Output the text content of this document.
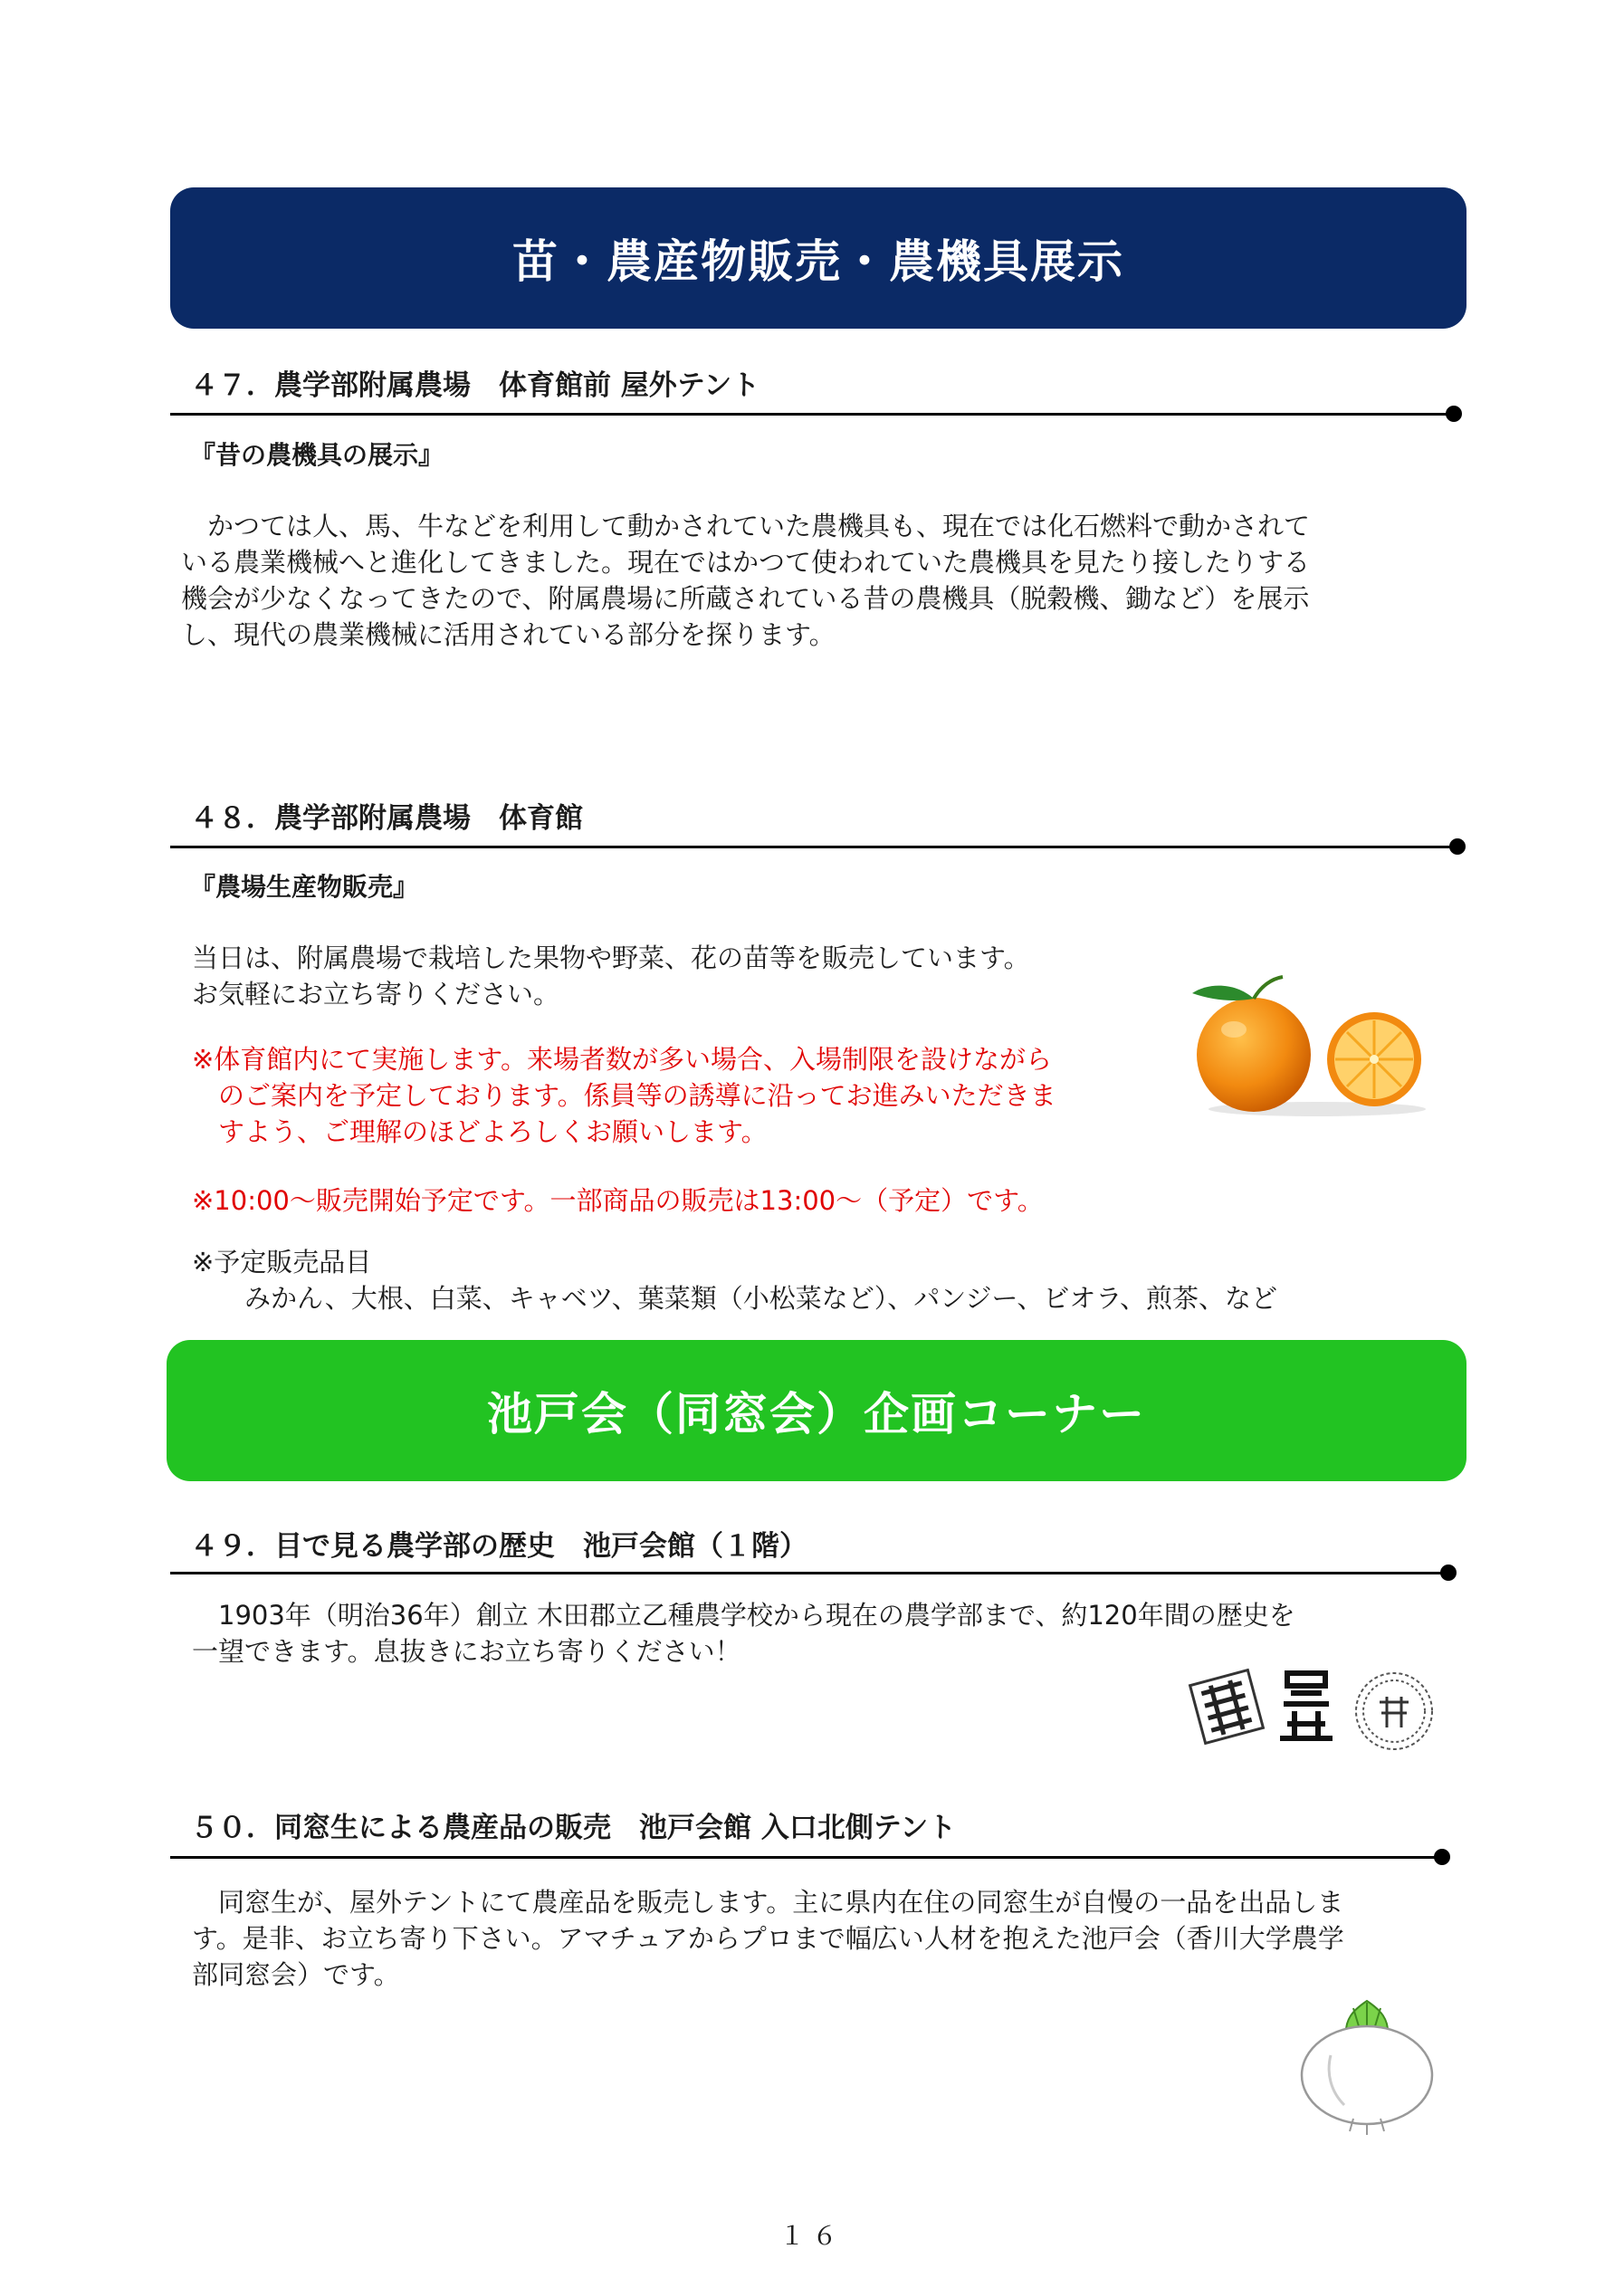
苗・農産物販売・農機具展示
４７．農学部附属農場　体育館前 屋外テント
『昔の農機具の展示』

　かつては人、馬、牛などを利用して動かされていた農機具も、現在では化石燃料で動かされて

いる農業機械へと進化してきました。現在ではかつて使われていた農機具を見たり接したりする

機会が少なくなってきたので、附属農場に所蔵されている昔の農機具（脱穀機、鋤など）を展示

し、現代の農業機械に活用されている部分を探ります。

４８．農学部附属農場　体育館
『農場生産物販売』

当日は、附属農場で栽培した果物や野菜、花の苗等を販売しています。

お気軽にお立ち寄りください。

※体育館内にて実施します。来場者数が多い場合、入場制限を設けながら

　のご案内を予定しております。係員等の誘導に沿ってお進みいただきま

　すよう、ご理解のほどよろしくお願いします。

※10:00～販売開始予定です。一部商品の販売は13:00～（予定）です。

※予定販売品目

　　みかん、大根、白菜、キャベツ、葉菜類（小松菜など）、パンジー、ビオラ、煎茶、など

池戸会（同窓会）企画コーナー
４９．目で見る農学部の歴史　池戸会館（１階）

　1903年（明治36年）創立 木田郡立乙種農学校から現在の農学部まで、約120年間の歴史を

一望できます。息抜きにお立ち寄りください！

５０．同窓生による農産品の販売　池戸会館 入口北側テント

　同窓生が、屋外テントにて農産品を販売します。主に県内在住の同窓生が自慢の一品を出品しま

す。是非、お立ち寄り下さい。アマチュアからプロまで幅広い人材を抱えた池戸会（香川大学農学

部同窓会）です。

１６
